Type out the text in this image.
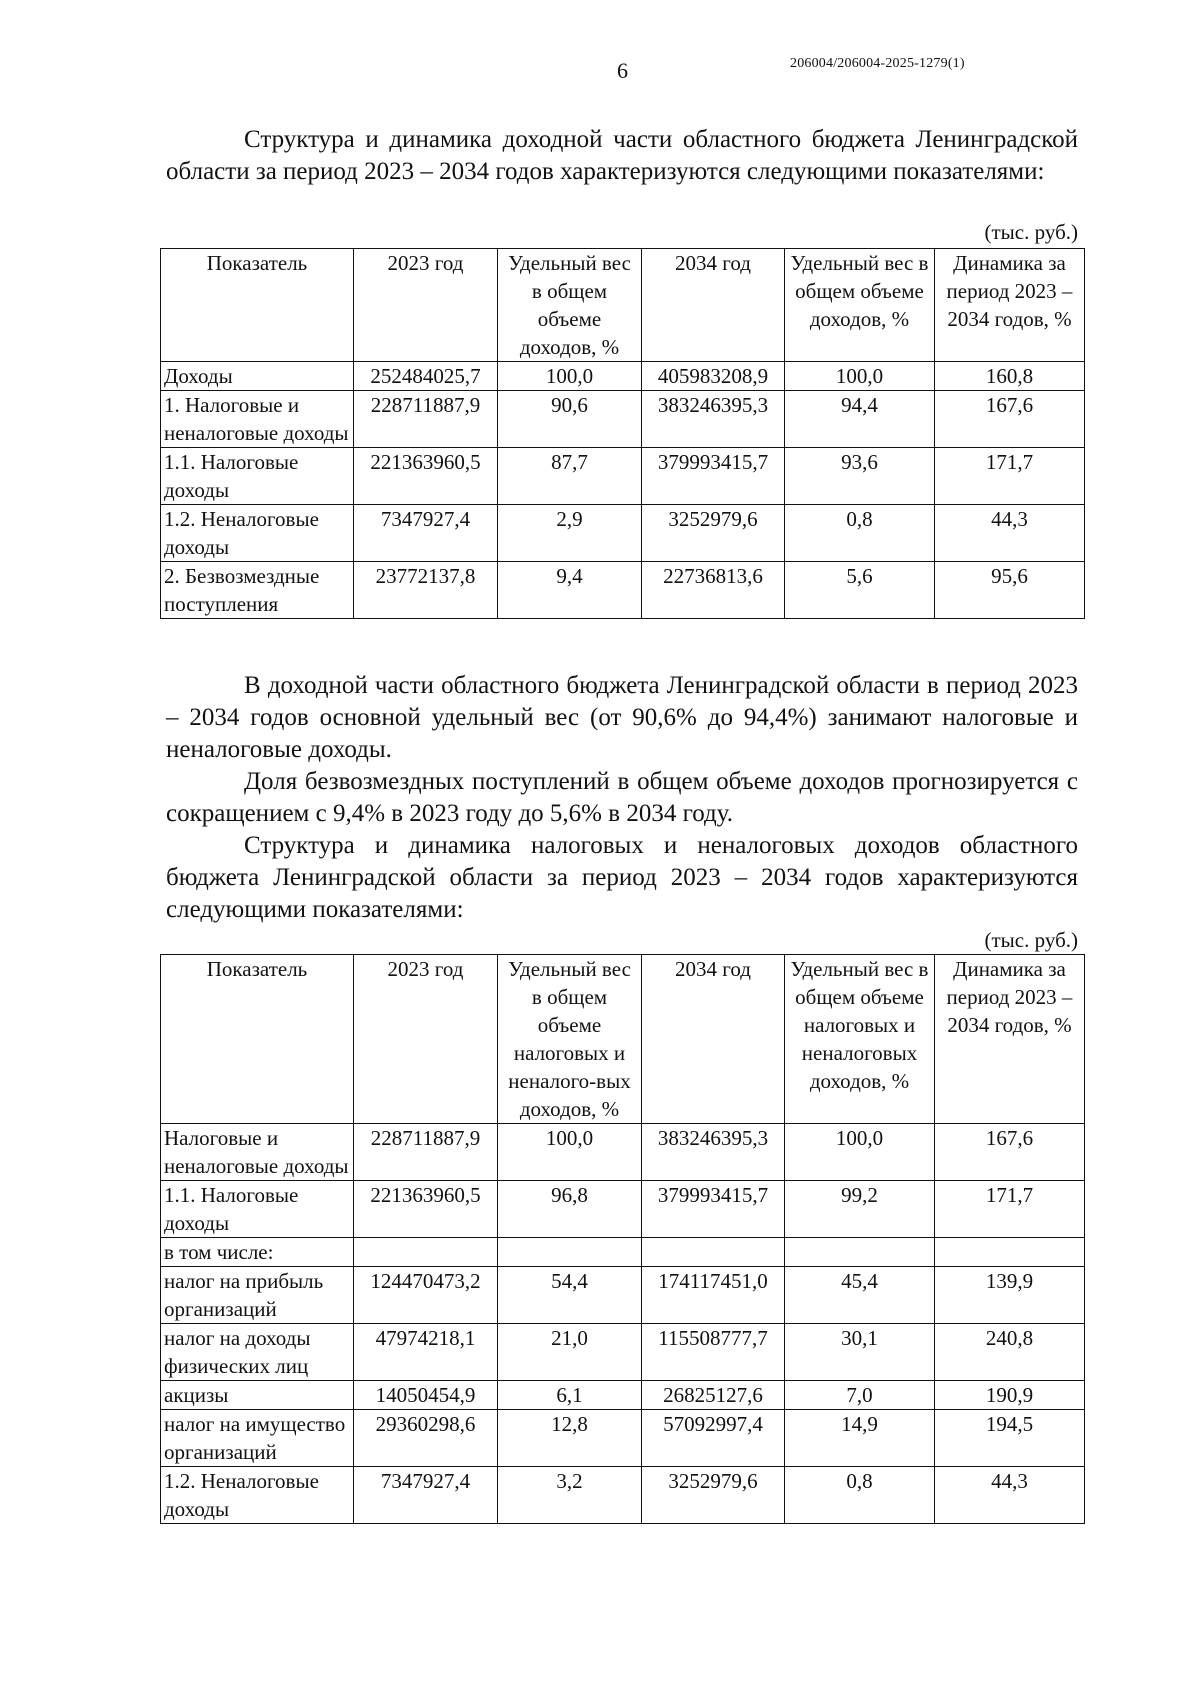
6	206004/206004-2025-1279(1)
Структура и динамика доходной части областного бюджета Ленинградской области за период 2023 – 2034 годов характеризуются следующими показателями:
(тыс. руб.)
Показатель	2023 год	Удельный вес в общем объеме доходов, %	2034 год	Удельный вес в общем объеме доходов, %	Динамика за период 2023 – 2034 годов, %
Доходы	252484025,7	100,0	405983208,9	100,0	160,8
1. Налоговые и неналоговые доходы	228711887,9	90,6	383246395,3	94,4	167,6
1.1. Налоговые доходы	221363960,5	87,7	379993415,7	93,6	171,7
1.2. Неналоговые доходы	7347927,4	2,9	3252979,6	0,8	44,3
2. Безвозмездные поступления	23772137,8	9,4	22736813,6	5,6	95,6
В доходной части областного бюджета Ленинградской области в период 2023 – 2034 годов основной удельный вес (от 90,6% до 94,4%) занимают налоговые и неналоговые доходы.
Доля безвозмездных поступлений в общем объеме доходов прогнозируется с сокращением с 9,4% в 2023 году до 5,6% в 2034 году.
Структура и динамика налоговых и неналоговых доходов областного бюджета Ленинградской области за период 2023 – 2034 годов характеризуются следующими показателями:
(тыс. руб.)
Показатель	2023 год	Удельный вес в общем объеме налоговых и неналого-вых доходов, %	2034 год	Удельный вес в общем объеме налоговых и неналоговых доходов, %	Динамика за период 2023 – 2034 годов, %
Налоговые и неналоговые доходы	228711887,9	100,0	383246395,3	100,0	167,6
1.1. Налоговые доходы	221363960,5	96,8	379993415,7	99,2	171,7
в том числе:					
налог на прибыль организаций	124470473,2	54,4	174117451,0	45,4	139,9
налог на доходы физических лиц	47974218,1	21,0	115508777,7	30,1	240,8
акцизы	14050454,9	6,1	26825127,6	7,0	190,9
налог на имущество организаций	29360298,6	12,8	57092997,4	14,9	194,5
1.2. Неналоговые доходы	7347927,4	3,2	3252979,6	0,8	44,3
